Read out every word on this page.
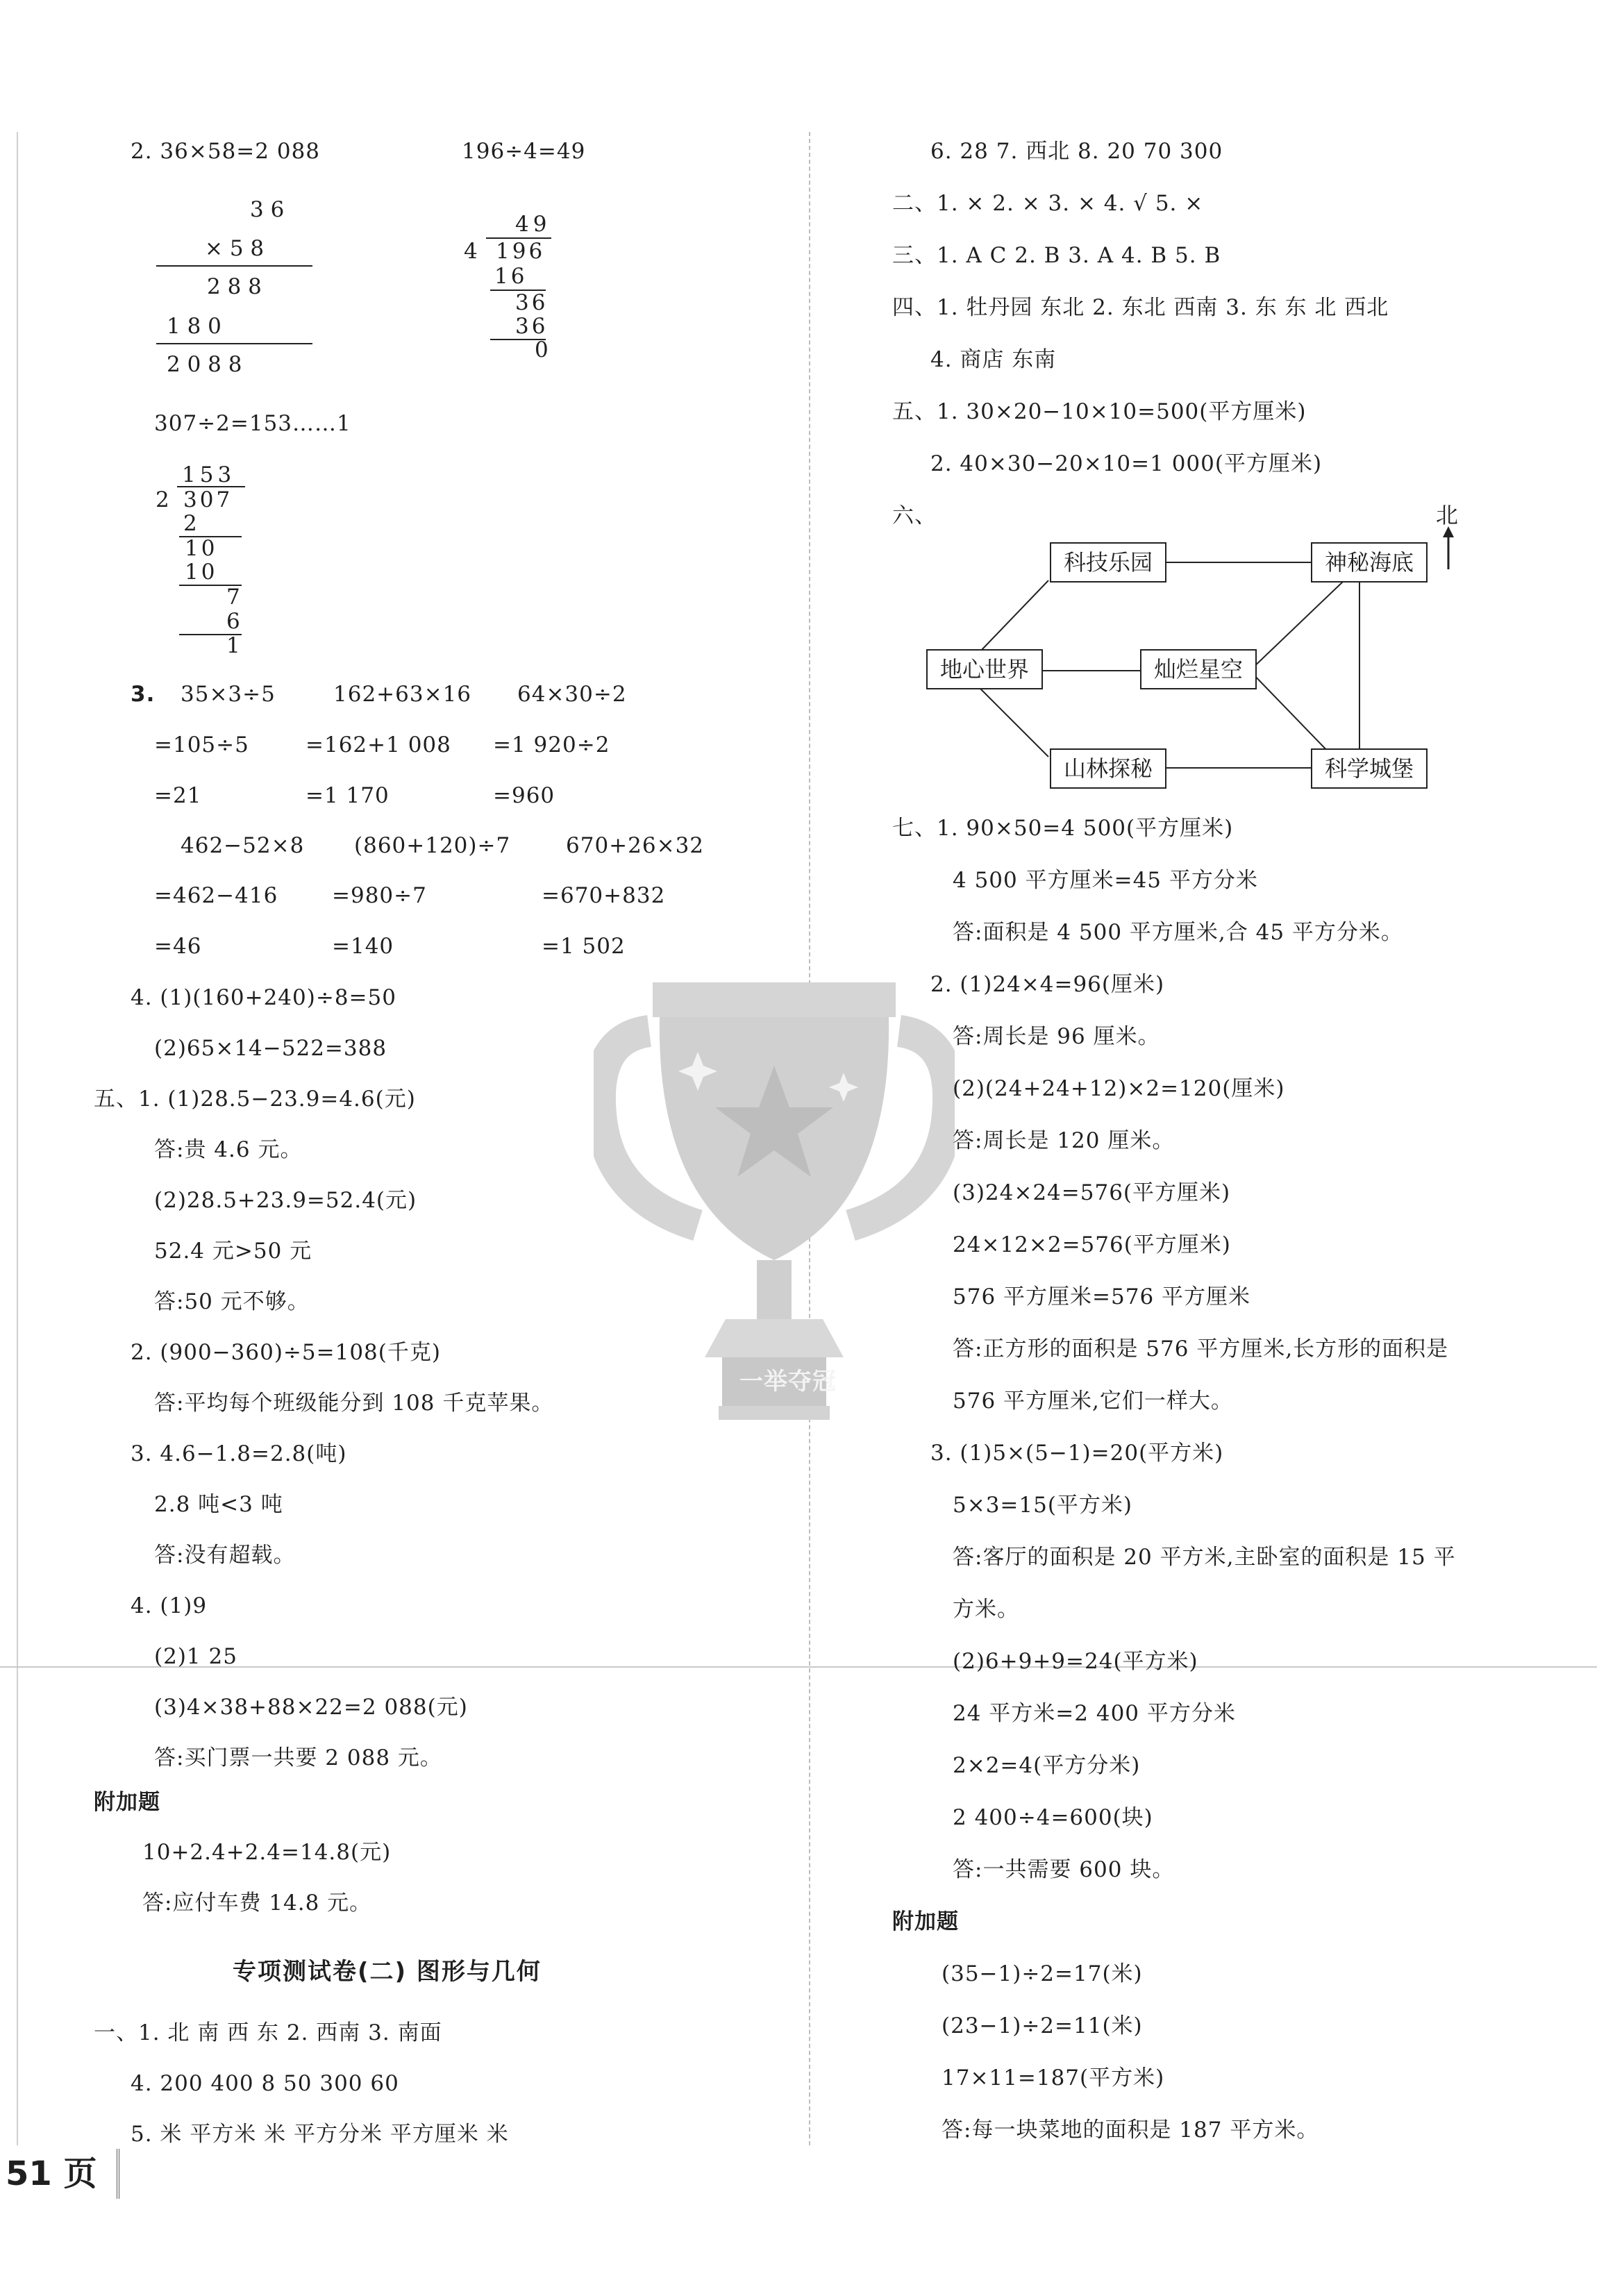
一举夺冠
2. 36×58=2 088	196÷4=49
3 6
× 5 8
2 8 8
1 8 0
2 0 8 8
49
4 196
16
36
36
0
307÷2=153……1
153
2 307
2
10
10
7
6
1
3. 35×3÷5	162+63×16 64×30÷2
=105÷5	=162+1 008 =1 920÷2
=21	=1 170	=960
462−52×8 (860+120)÷7	670+26×32
=462−416	=980÷7	=670+832
=46	=140	=1 502
4. (1)(160+240)÷8=50
(2)65×14−522=388
五、1. (1)28.5−23.9=4.6(元)
答:贵 4.6 元。
(2)28.5+23.9=52.4(元)
52.4 元>50 元
答:50 元不够。
2. (900−360)÷5=108(千克)
答:平均每个班级能分到 108 千克苹果。
3. 4.6−1.8=2.8(吨)
2.8 吨<3 吨
答:没有超载。
4. (1)9
(2)1 25
(3)4×38+88×22=2 088(元)
答:买门票一共要 2 088 元。
附加题
10+2.4+2.4=14.8(元)
答:应付车费 14.8 元。
专项测试卷(二) 图形与几何
一、1. 北 南 西 东 2. 西南 3. 南面
4. 200 400 8 50 300 60
5. 米 平方米 米 平方分米 平方厘米 米
51 页
6. 28 7. 西北 8. 20 70 300
二、1. × 2. × 3. × 4. √ 5. ×
三、1. A C 2. B 3. A 4. B 5. B
四、1. 牡丹园 东北 2. 东北 西南 3. 东 东 北 西北
4. 商店 东南
五、1. 30×20−10×10=500(平方厘米)
2. 40×30−20×10=1 000(平方厘米)
六、	北
科技乐园	神秘海底
地心世界	灿烂星空
山林探秘	科学城堡
七、1. 90×50=4 500(平方厘米)
4 500 平方厘米=45 平方分米
答:面积是 4 500 平方厘米,合 45 平方分米。
2. (1)24×4=96(厘米)
答:周长是 96 厘米。
(2)(24+24+12)×2=120(厘米)
答:周长是 120 厘米。
(3)24×24=576(平方厘米)
24×12×2=576(平方厘米)
576 平方厘米=576 平方厘米
答:正方形的面积是 576 平方厘米,长方形的面积是
576 平方厘米,它们一样大。
3. (1)5×(5−1)=20(平方米)
5×3=15(平方米)
答:客厅的面积是 20 平方米,主卧室的面积是 15 平
方米。
(2)6+9+9=24(平方米)
24 平方米=2 400 平方分米
2×2=4(平方分米)
2 400÷4=600(块)
答:一共需要 600 块。
附加题
(35−1)÷2=17(米)
(23−1)÷2=11(米)
17×11=187(平方米)
答:每一块菜地的面积是 187 平方米。
